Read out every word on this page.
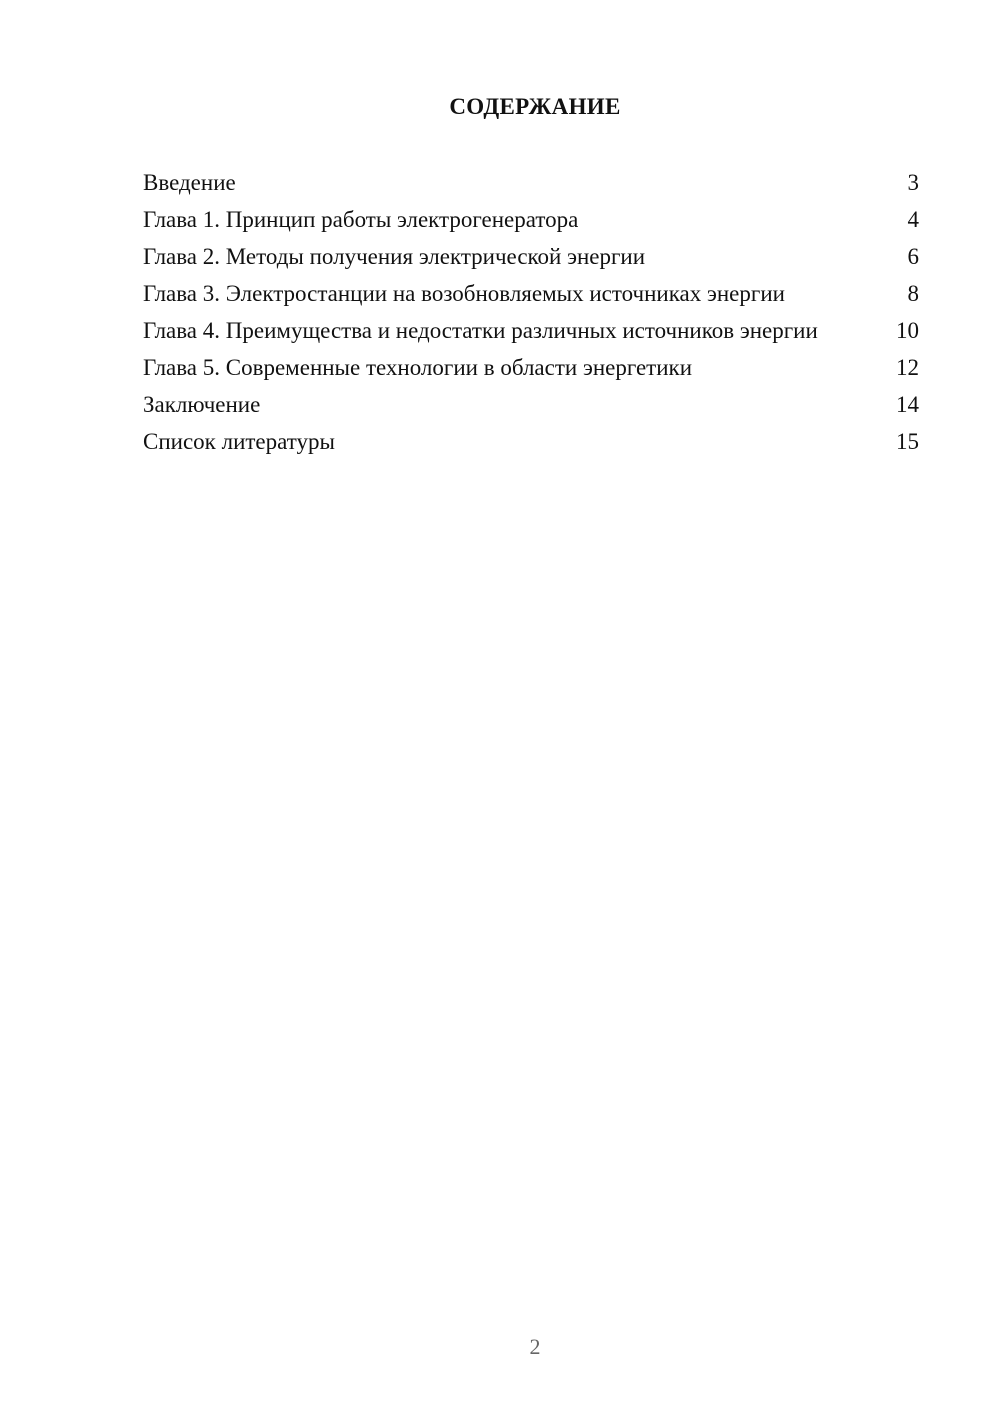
СОДЕРЖАНИЕ
Введение	3
Глава 1. Принцип работы электрогенератора	4
Глава 2. Методы получения электрической энергии	6
Глава 3. Электростанции на возобновляемых источниках энергии	8
Глава 4. Преимущества и недостатки различных источников энергии	10
Глава 5. Современные технологии в области энергетики	12
Заключение	14
Список литературы	15
2
